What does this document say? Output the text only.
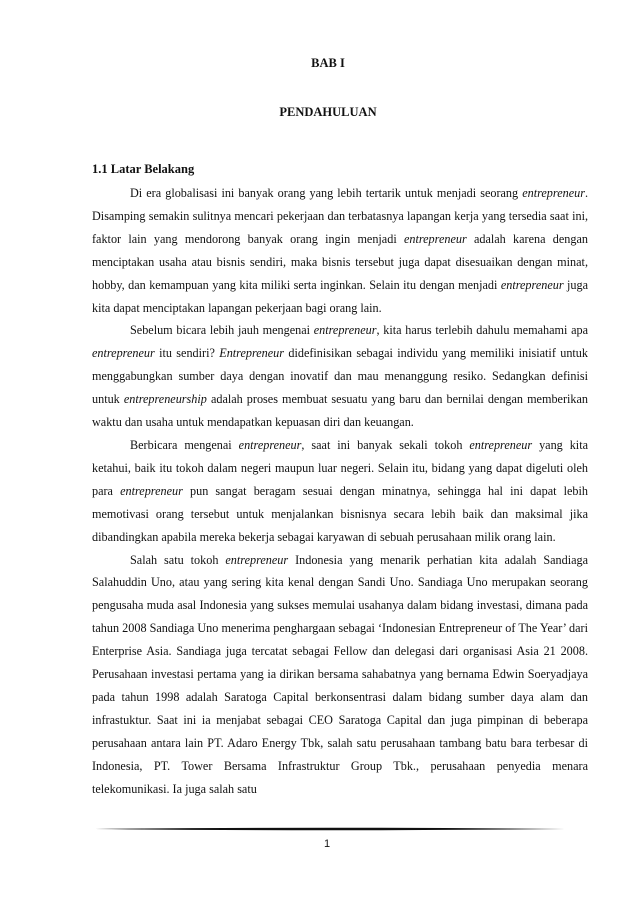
BAB I
PENDAHULUAN
1.1 Latar Belakang

Di era globalisasi ini banyak orang yang lebih tertarik untuk menjadi seorang entrepreneur. Disamping semakin sulitnya mencari pekerjaan dan terbatasnya lapangan kerja yang tersedia saat ini, faktor lain yang mendorong banyak orang ingin menjadi entrepreneur adalah karena dengan menciptakan usaha atau bisnis sendiri, maka bisnis tersebut juga dapat disesuaikan dengan minat, hobby, dan kemampuan yang kita miliki serta inginkan. Selain itu dengan menjadi entrepreneur juga kita dapat menciptakan lapangan pekerjaan bagi orang lain.

Sebelum bicara lebih jauh mengenai entrepreneur, kita harus terlebih dahulu memahami apa entrepreneur itu sendiri? Entrepreneur didefinisikan sebagai individu yang memiliki inisiatif untuk menggabungkan sumber daya dengan inovatif dan mau menanggung resiko. Sedangkan definisi untuk entrepreneurship adalah proses membuat sesuatu yang baru dan bernilai dengan memberikan waktu dan usaha untuk mendapatkan kepuasan diri dan keuangan.

Berbicara mengenai entrepreneur, saat ini banyak sekali tokoh entrepreneur yang kita ketahui, baik itu tokoh dalam negeri maupun luar negeri. Selain itu, bidang yang dapat digeluti oleh para entrepreneur pun sangat beragam sesuai dengan minatnya, sehingga hal ini dapat lebih memotivasi orang tersebut untuk menjalankan bisnisnya secara lebih baik dan maksimal jika dibandingkan apabila mereka bekerja sebagai karyawan di sebuah perusahaan milik orang lain.

Salah satu tokoh entrepreneur Indonesia yang menarik perhatian kita adalah Sandiaga Salahuddin Uno, atau yang sering kita kenal dengan Sandi Uno. Sandiaga Uno merupakan seorang pengusaha muda asal Indonesia yang sukses memulai usahanya dalam bidang investasi, dimana pada tahun 2008 Sandiaga Uno menerima penghargaan sebagai ‘Indonesian Entrepreneur of The Year’ dari Enterprise Asia. Sandiaga juga tercatat sebagai Fellow dan delegasi dari organisasi Asia 21 2008. Perusahaan investasi pertama yang ia dirikan bersama sahabatnya yang bernama Edwin Soeryadjaya pada tahun 1998 adalah Saratoga Capital berkonsentrasi dalam bidang sumber daya alam dan infrastuktur. Saat ini ia menjabat sebagai CEO Saratoga Capital dan juga pimpinan di beberapa perusahaan antara lain PT. Adaro Energy Tbk, salah satu perusahaan tambang batu bara terbesar di Indonesia, PT. Tower Bersama Infrastruktur Group Tbk., perusahaan penyedia menara telekomunikasi. Ia juga salah satu

1
